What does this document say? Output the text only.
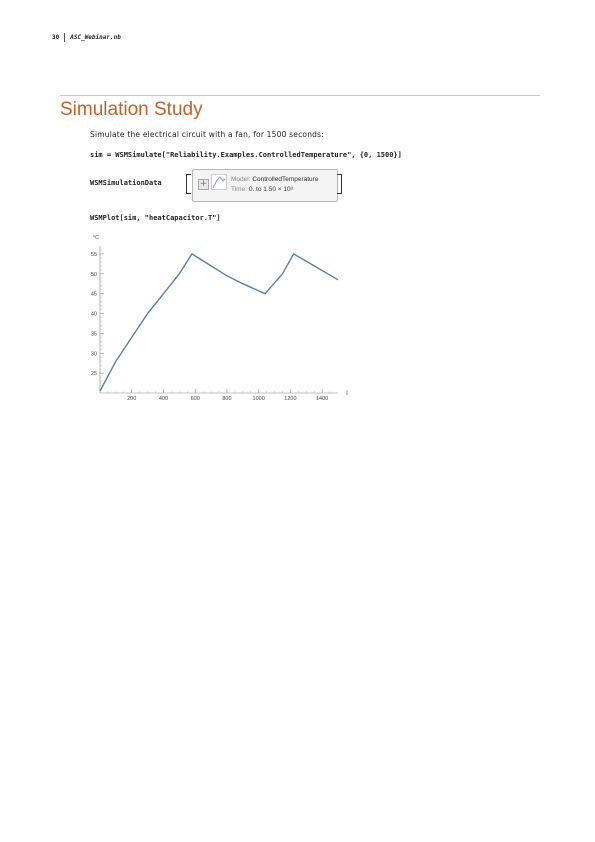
30 ASC_Webinar.nb
Simulation Study
Simulate the electrical circuit with a fan, for 1500 seconds:
sim = WSMSimulate["Reliability.Examples.ControlledTemperature", {0, 1500}]
WSMSimulationData	+	Model: ControlledTemperature
Time: 0. to 1.50 × 10³
WSMPlot[sim, "heatCapacitor.T"]
200	400	600	800	1000	1200	1400
25
30
35
40
45
50
55
°C
